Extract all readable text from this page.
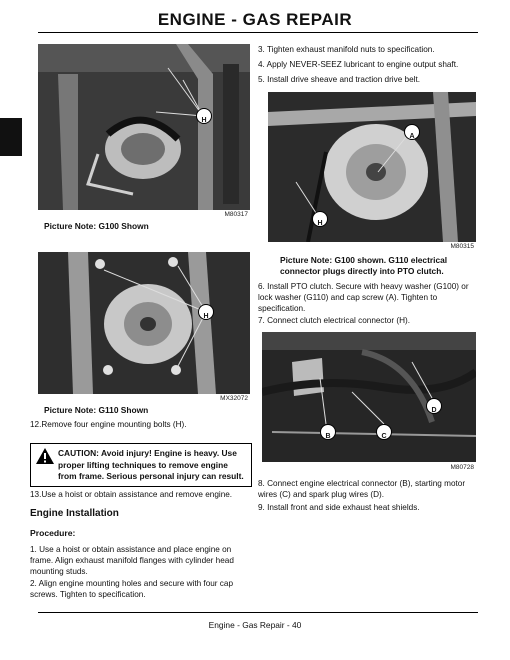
ENGINE - GAS REPAIR
H
M80317
Picture Note: G100 Shown
H
MX32072
Picture Note: G110 Shown
12.Remove four engine mounting bolts (H).
CAUTION: Avoid injury! Engine is heavy. Use
proper lifting techniques to remove engine
from frame. Serious personal injury can result.
13.Use a hoist or obtain assistance and remove engine.
Engine Installation
Procedure:
1. Use a hoist or obtain assistance and place engine on
frame. Align exhaust manifold flanges with cylinder head
mounting studs.
2. Align engine mounting holes and secure with four cap
screws. Tighten to specification.
3. Tighten exhaust manifold nuts to specification.
4. Apply NEVER-SEEZ lubricant to engine output shaft.
5. Install drive sheave and traction drive belt.
A
H
M80315
Picture Note: G100 shown. G110 electrical
connector plugs directly into PTO clutch.
6. Install PTO clutch. Secure with heavy washer (G100) or
lock washer (G110) and cap screw (A). Tighten to
specification.
7. Connect clutch electrical connector (H).
D
B	C
M80728
8. Connect engine electrical connector (B), starting motor
wires (C) and spark plug wires (D).
9. Install front and side exhaust heat shields.
Engine - Gas Repair - 40
